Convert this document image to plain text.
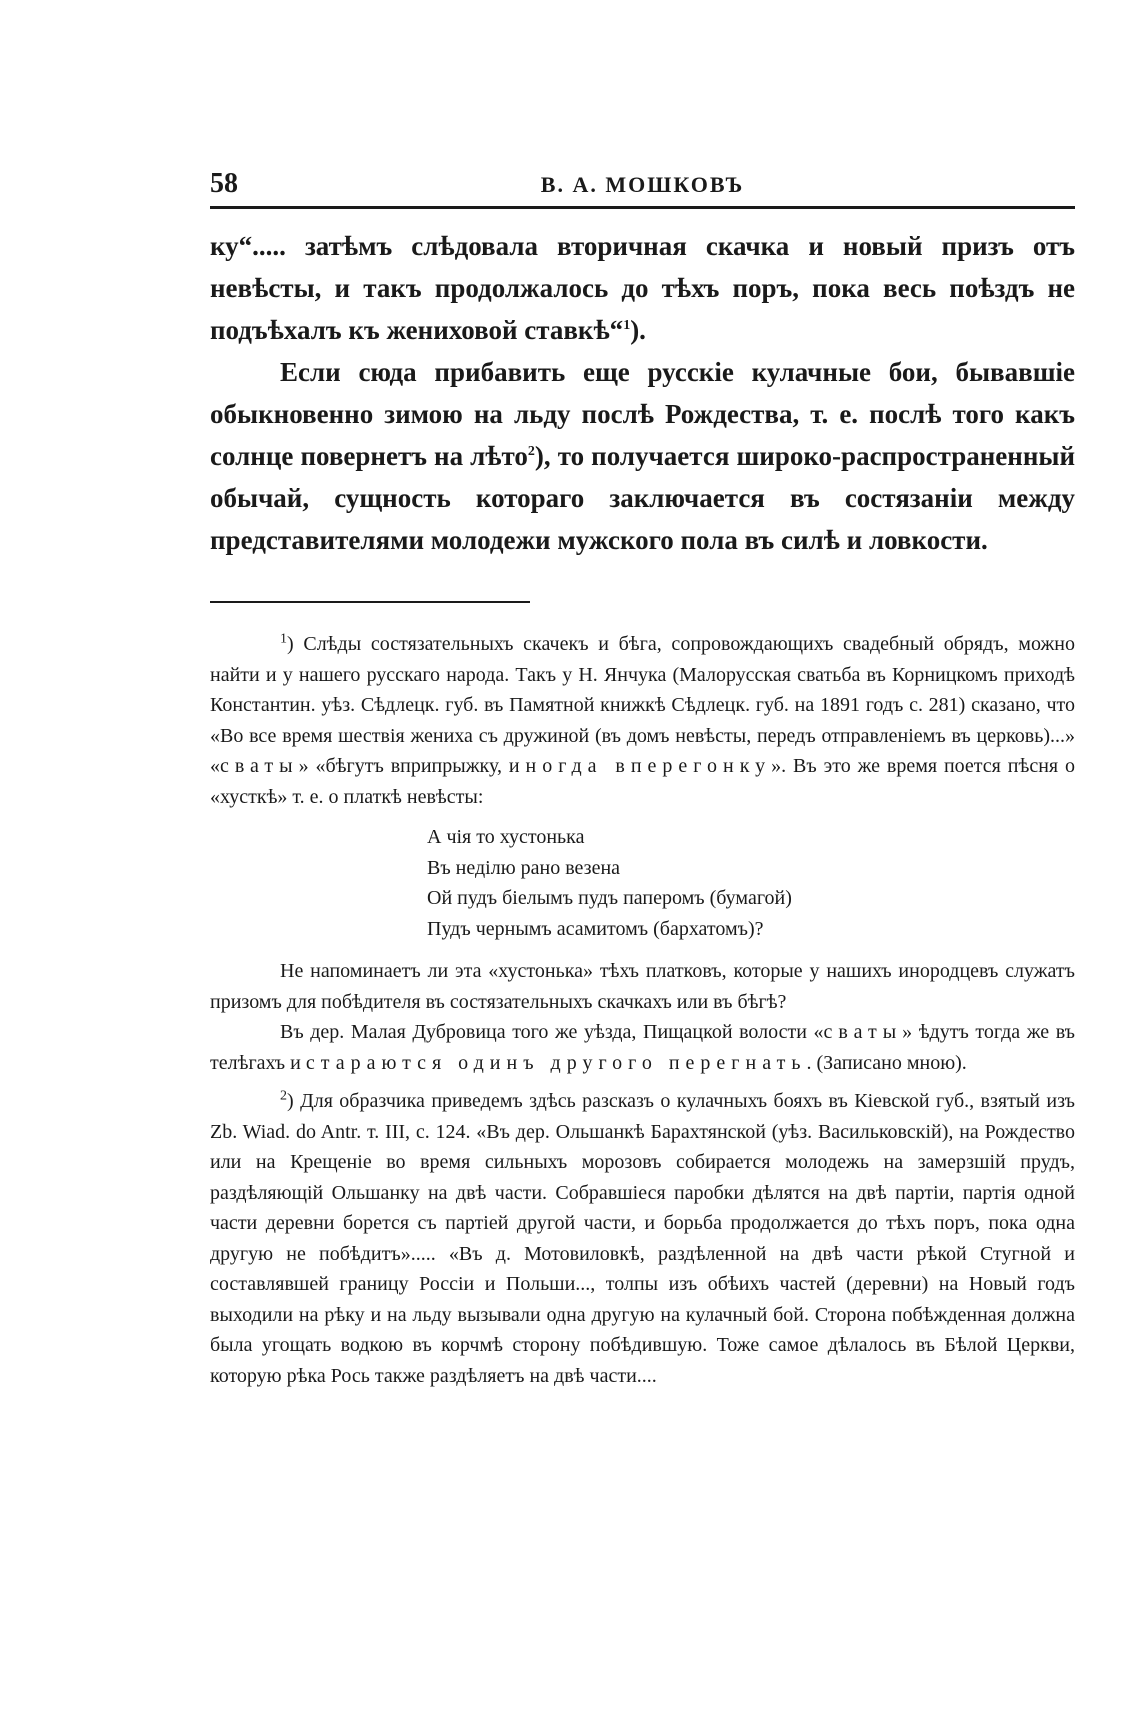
58	В. А. МОШКОВЪ

ку“..... затѣмъ слѣдовала вторичная скачка и новый призъ отъ невѣсты, и такъ продолжалось до тѣхъ поръ, пока весь поѣздъ не подъѣхалъ къ жениховой ставкѣ“$^1$).

Если сюда прибавить еще русскіе кулачные бои, бывавшіе обыкновенно зимою на льду послѣ Рождества, т. е. послѣ того какъ солнце повернетъ на лѣто$^2$), то получается широко-распространенный обычай, сущность котораго заключается въ состязаніи между представителями молодежи мужского пола въ силѣ и ловкости.

$^1$) Слѣды состязательныхъ скачекъ и бѣга, сопровождающихъ свадебный обрядъ, можно найти и у нашего русскаго народа. Такъ у Н. Янчука (Малорусская сватьба въ Корницкомъ приходѣ Константин. уѣз. Сѣдлецк. губ. въ Памятной книжкѣ Сѣдлецк. губ. на 1891 годъ с. 281) сказано, что «Во все время шествія жениха съ дружиной (въ домъ невѣсты, передъ отправленіемъ въ церковь)...» «сваты» «бѣгутъ вприпрыжку, иногда вперегонку». Въ это же время поется пѣсня о «хусткѣ» т. е. о платкѣ невѣсты:

А чія то хустонька
Въ неділю рано везена
Ой пудъ біелымъ пудъ паперомъ (бумагой)
Пудъ чернымъ асамитомъ (бархатомъ)?

Не напоминаетъ ли эта «хустонька» тѣхъ платковъ, которые у нашихъ инородцевъ служатъ призомъ для побѣдителя въ состязательныхъ скачкахъ или въ бѣгѣ?

Въ дер. Малая Дубровица того же уѣзда, Пищацкой волости «сваты» ѣдутъ тогда же въ телѣгахъ и стараются одинъ другого перегнать. (Записано мною).

$^2$) Для образчика приведемъ здѣсь разсказъ о кулачныхъ бояхъ въ Кіевской губ., взятый изъ Zb. Wiad. do Antr. т. III, с. 124. «Въ дер. Ольшанкѣ Барахтянской (уѣз. Васильковскій), на Рождество или на Крещеніе во время сильныхъ морозовъ собирается молодежь на замерзшій прудъ, раздѣляющій Ольшанку на двѣ части. Собравшіеся паробки дѣлятся на двѣ партіи, партія одной части деревни борется съ партіей другой части, и борьба продолжается до тѣхъ поръ, пока одна другую не побѣдитъ»..... «Въ д. Мотовиловкѣ, раздѣленной на двѣ части рѣкой Стугной и составлявшей границу Россіи и Польши..., толпы изъ обѣихъ частей (деревни) на Новый годъ выходили на рѣку и на льду вызывали одна другую на кулачный бой. Сторона побѣжденная должна была угощать водкою въ корчмѣ сторону побѣдившую. Тоже самое дѣлалось въ Бѣлой Церкви, которую рѣка Рось также раздѣляетъ на двѣ части....
